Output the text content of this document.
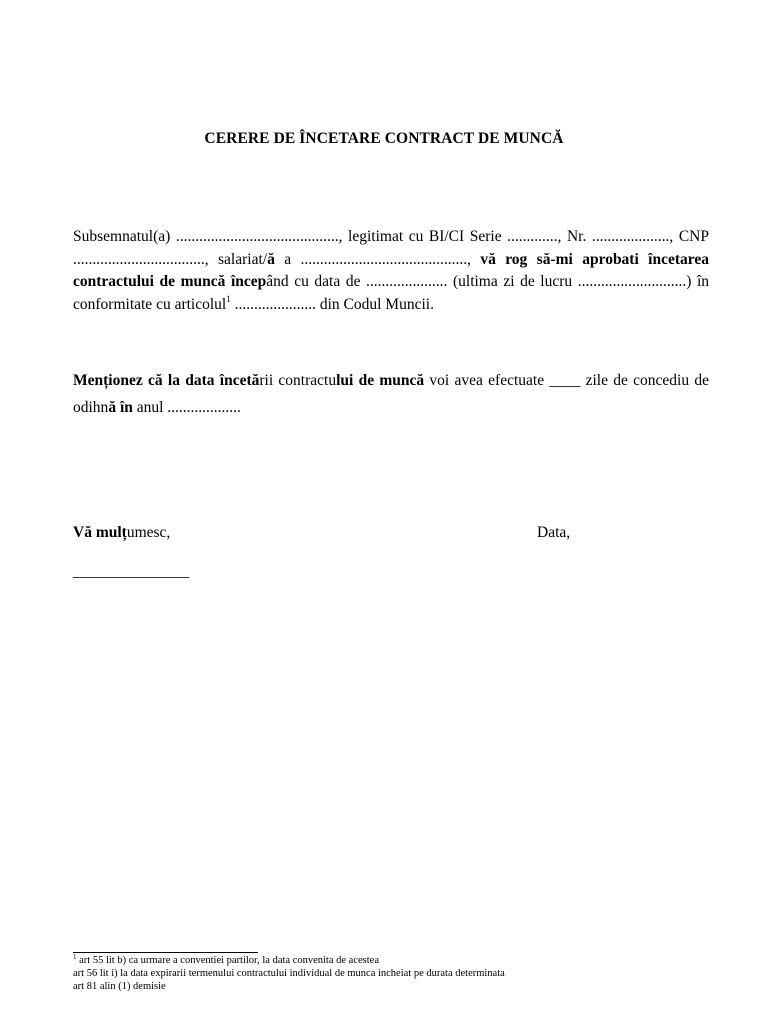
CERERE DE ÎNCETARE CONTRACT DE MUNCĂ
Subsemnatul(a) .........................................., legitimat cu BI/CI Serie ............., Nr. ...................., CNP .................................., salariat/ă a ..........................................., vă rog să-mi aprobati încetarea contractului de muncă începând cu data de ..................... (ultima zi de lucru ............................) în conformitate cu articolul$^1$ ..................... din Codul Muncii.
Menționez că la data încetării contractului de muncă voi avea efectuate ____ zile de concediu de odihnă în anul ...................
Vă mulțumesc,	Data,
_______________
$^1$ art 55 lit b) ca urmare a conventiei partilor, la data convenita de acestea
art 56 lit i) la data expirarii termenului contractului individual de munca incheiat pe durata determinata
art 81 alin (1) demisie
